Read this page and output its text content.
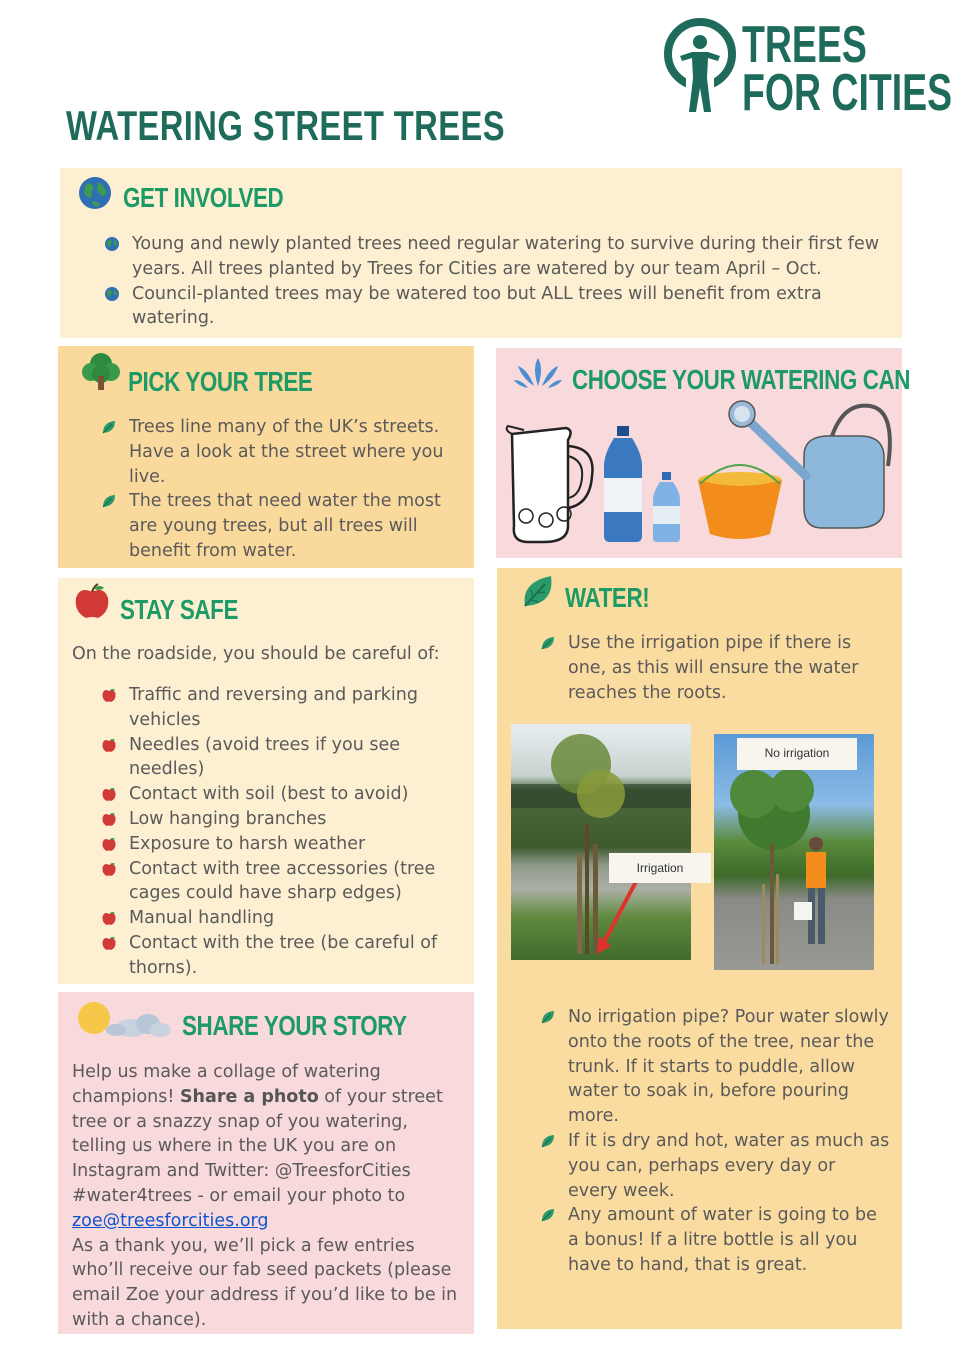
TREES
FOR CITIES
WATERING STREET TREES
GET INVOLVED
Young and newly planted trees need regular watering to survive during their first few years. All trees planted by Trees for Cities are watered by our team April – Oct.
Council-planted trees may be watered too but ALL trees will benefit from extra watering.
PICK YOUR TREE
Trees line many of the UK’s streets. Have a look at the street where you live.
The trees that need water the most are young trees, but all trees will benefit from water.
CHOOSE YOUR WATERING CAN
STAY SAFE
On the roadside, you should be careful of:
Traffic and reversing and parking vehicles
Needles (avoid trees if you see needles)
Contact with soil (best to avoid)
Low hanging branches
Exposure to harsh weather
Contact with tree accessories (tree cages could have sharp edges)
Manual handling
Contact with the tree (be careful of thorns).
WATER!
Use the irrigation pipe if there is one, as this will ensure the water reaches the roots.
Irrigation
No irrigation
No irrigation pipe? Pour water slowly onto the roots of the tree, near the trunk. If it starts to puddle, allow water to soak in, before pouring more.
If it is dry and hot, water as much as you can, perhaps every day or every week.
Any amount of water is going to be a bonus! If a litre bottle is all you have to hand, that is great.
SHARE YOUR STORY
Help us make a collage of watering champions! Share a photo of your street tree or a snazzy snap of you watering, telling us where in the UK you are on Instagram and Twitter: @TreesforCities #water4trees - or email your photo to
zoe@treesforcities.org
As a thank you, we’ll pick a few entries who’ll receive our fab seed packets (please email Zoe your address if you’d like to be in with a chance).
